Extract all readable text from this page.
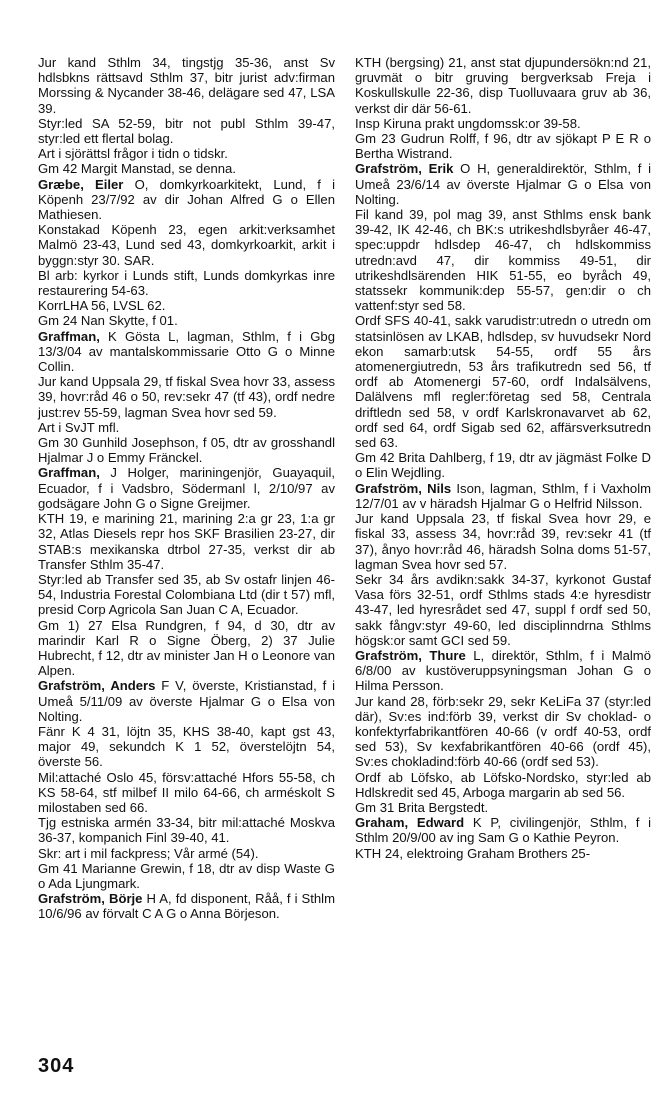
Jur kand Sthlm 34, tingstjg 35-36, anst Sv hdlsbkns rättsavd Sthlm 37, bitr jurist adv:firman Morssing & Nycander 38-46, delägare sed 47, LSA 39.

Styr:led SA 52-59, bitr not publ Sthlm 39-47, styr:led ett flertal bolag.

Art i sjörättsl frågor i tidn o tidskr.

Gm 42 Margit Manstad, se denna.

Græbe, Eiler O, domkyrkoarkitekt, Lund, f i Köpenh 23/7/92 av dir Johan Alfred G o Ellen Mathiesen.

Konstakad Köpenh 23, egen arkit:verksamhet Malmö 23-43, Lund sed 43, domkyrkoarkit, arkit i byggn:styr 30. SAR.

Bl arb: kyrkor i Lunds stift, Lunds domkyrkas inre restaurering 54-63.

KorrLHA 56, LVSL 62.

Gm 24 Nan Skytte, f 01.

Graffman, K Gösta L, lagman, Sthlm, f i Gbg 13/3/04 av mantalskommissarie Otto G o Minne Collin.

Jur kand Uppsala 29, tf fiskal Svea hovr 33, assess 39, hovr:råd 46 o 50, rev:sekr 47 (tf 43), ordf nedre just:rev 55-59, lagman Svea hovr sed 59.

Art i SvJT mfl.

Gm 30 Gunhild Josephson, f 05, dtr av grosshandl Hjalmar J o Emmy Fränckel.

Graffman, J Holger, mariningenjör, Guayaquil, Ecuador, f i Vadsbro, Södermanl l, 2/10/97 av godsägare John G o Signe Greijmer.

KTH 19, e marining 21, marining 2:a gr 23, 1:a gr 32, Atlas Diesels repr hos SKF Brasilien 23-27, dir STAB:s mexikanska dtrbol 27-35, verkst dir ab Transfer Sthlm 35-47.

Styr:led ab Transfer sed 35, ab Sv ostafr linjen 46-54, Industria Forestal Colombiana Ltd (dir t 57) mfl, presid Corp Agricola San Juan C A, Ecuador.

Gm 1) 27 Elsa Rundgren, f 94, d 30, dtr av marindir Karl R o Signe Öberg, 2) 37 Julie Hubrecht, f 12, dtr av minister Jan H o Leonore van Alpen.

Grafström, Anders F V, överste, Kristianstad, f i Umeå 5/11/09 av överste Hjalmar G o Elsa von Nolting.

Fänr K 4 31, löjtn 35, KHS 38-40, kapt gst 43, major 49, sekundch K 1 52, överstelöjtn 54, överste 56.

Mil:attaché Oslo 45, försv:attaché Hfors 55-58, ch KS 58-64, stf milbef II milo 64-66, ch arméskolt S milostaben sed 66.

Tjg estniska armén 33-34, bitr mil:attaché Moskva 36-37, kompanich Finl 39-40, 41.

Skr: art i mil fackpress; Vår armé (54).

Gm 41 Marianne Grewin, f 18, dtr av disp Waste G o Ada Ljungmark.

Grafström, Börje H A, fd disponent, Råå, f i Sthlm 10/6/96 av förvalt C A G o Anna Börjeson.

KTH (bergsing) 21, anst stat djupundersökn:nd 21, gruvmät o bitr gruving bergverksab Freja i Koskullskulle 22-36, disp Tuolluvaara gruv ab 36, verkst dir där 56-61.

Insp Kiruna prakt ungdomssk:or 39-58.

Gm 23 Gudrun Rolff, f 96, dtr av sjökapt P E R o Bertha Wistrand.

Grafström, Erik O H, generaldirektör, Sthlm, f i Umeå 23/6/14 av överste Hjalmar G o Elsa von Nolting.

Fil kand 39, pol mag 39, anst Sthlms ensk bank 39-42, IK 42-46, ch BK:s utrikeshdlsbyråer 46-47, spec:uppdr hdlsdep 46-47, ch hdlskommiss utredn:avd 47, dir kommiss 49-51, dir utrikeshdlsärenden HIK 51-55, eo byråch 49, statssekr kommunik:dep 55-57, gen:dir o ch vattenf:styr sed 58.

Ordf SFS 40-41, sakk varudistr:utredn o utredn om statsinlösen av LKAB, hdlsdep, sv huvudsekr Nord ekon samarb:utsk 54-55, ordf 55 års atomenergiutredn, 53 års trafikutredn sed 56, tf ordf ab Atomenergi 57-60, ordf Indalsälvens, Dalälvens mfl regler:företag sed 58, Centrala driftledn sed 58, v ordf Karlskronavarvet ab 62, ordf sed 64, ordf Sigab sed 62, affärsverksutredn sed 63.

Gm 42 Brita Dahlberg, f 19, dtr av jägmäst Folke D o Elin Wejdling.

Grafström, Nils Ison, lagman, Sthlm, f i Vaxholm 12/7/01 av v häradsh Hjalmar G o Helfrid Nilsson.

Jur kand Uppsala 23, tf fiskal Svea hovr 29, e fiskal 33, assess 34, hovr:råd 39, rev:sekr 41 (tf 37), ånyo hovr:råd 46, häradsh Solna doms 51-57, lagman Svea hovr sed 57.

Sekr 34 års avdikn:sakk 34-37, kyrkonot Gustaf Vasa förs 32-51, ordf Sthlms stads 4:e hyresdistr 43-47, led hyresrådet sed 47, suppl f ordf sed 50, sakk fångv:styr 49-60, led disciplinndrna Sthlms högsk:or samt GCI sed 59.

Grafström, Thure L, direktör, Sthlm, f i Malmö 6/8/00 av kustöveruppsyningsman Johan G o Hilma Persson.

Jur kand 28, förb:sekr 29, sekr KeLiFa 37 (styr:led där), Sv:es ind:förb 39, verkst dir Sv choklad- o konfektyrfabrikantfören 40-66 (v ordf 40-53, ordf sed 53), Sv kexfabrikantfören 40-66 (ordf 45), Sv:es chokladind:förb 40-66 (ordf sed 53).

Ordf ab Löfsko, ab Löfsko-Nordsko, styr:led ab Hdlskredit sed 45, Arboga margarin ab sed 56.

Gm 31 Brita Bergstedt.

Graham, Edward K P, civilingenjör, Sthlm, f i Sthlm 20/9/00 av ing Sam G o Kathie Peyron.

KTH 24, elektroing Graham Brothers 25-

304
